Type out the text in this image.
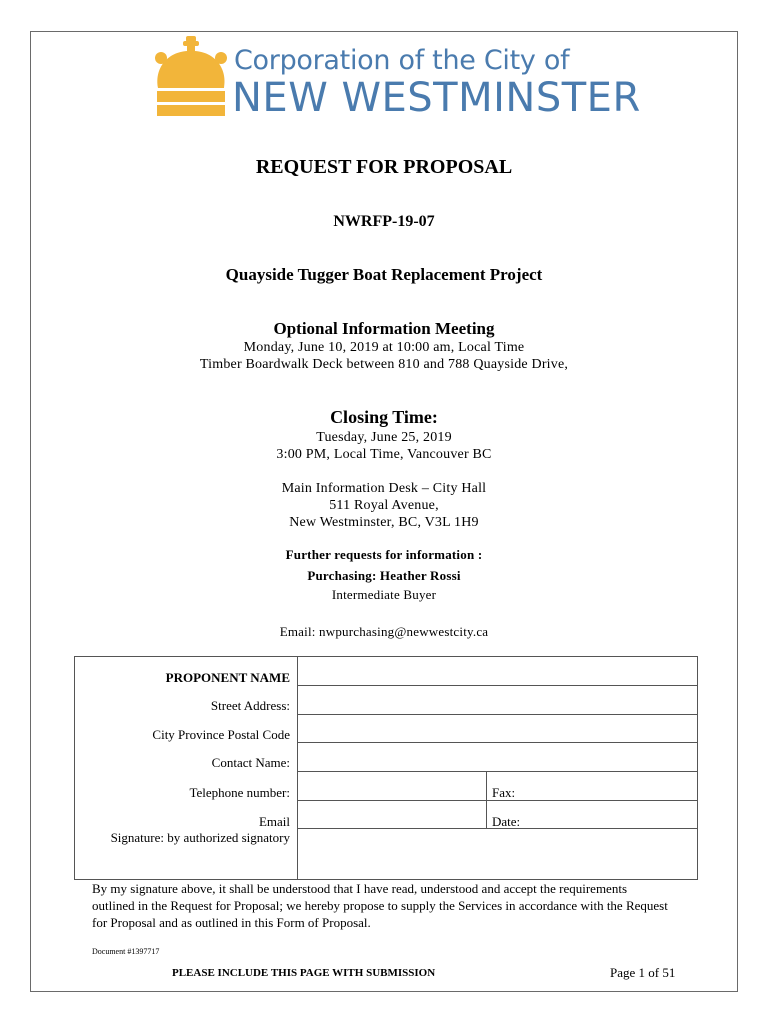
Corporation of the City of
NEW WESTMINSTER
REQUEST FOR PROPOSAL
NWRFP-19-07
Quayside Tugger Boat Replacement Project
Optional Information Meeting
Monday, June 10, 2019 at 10:00 am, Local Time
Timber Boardwalk Deck between 810 and 788 Quayside Drive,
Closing Time:
Tuesday, June 25, 2019
3:00 PM, Local Time, Vancouver BC
Main Information Desk – City Hall
511 Royal Avenue,
New Westminster, BC, V3L 1H9
Further requests for information :
Purchasing: Heather Rossi
Intermediate Buyer
Email: nwpurchasing@newwestcity.ca
PROPONENT NAME
Street Address:
City Province Postal Code
Contact Name:
Telephone number:
Email
Signature: by authorized signatory
Fax:
Date:
By my signature above, it shall be understood that I have read, understood and accept the requirements outlined in the Request for Proposal; we hereby propose to supply the Services in accordance with the Request for Proposal and as outlined in this Form of Proposal.
Document #1397717
PLEASE INCLUDE THIS PAGE WITH SUBMISSION	Page 1 of 51
